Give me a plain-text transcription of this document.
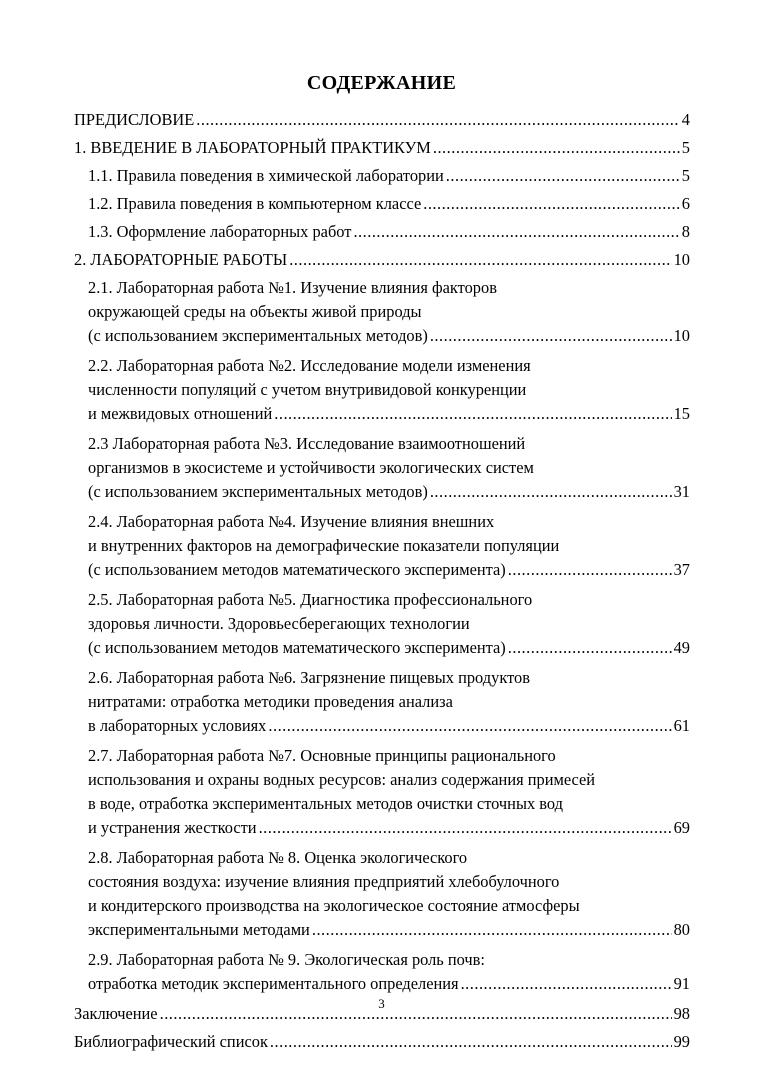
СОДЕРЖАНИЕ
ПРЕДИСЛОВИЕ .....	4
1. ВВЕДЕНИЕ В ЛАБОРАТОРНЫЙ ПРАКТИКУМ .....	5
1.1. Правила поведения в химической лаборатории .....	5
1.2. Правила поведения в компьютерном классе .....	6
1.3. Оформление лабораторных работ .....	8
2. ЛАБОРАТОРНЫЕ РАБОТЫ .....	10
2.1. Лабораторная работа №1. Изучение влияния факторов
окружающей среды на объекты живой природы
(с использованием экспериментальных методов) .....	10
2.2. Лабораторная работа №2. Исследование модели изменения
численности популяций с учетом внутривидовой конкуренции
и межвидовых отношений .....	15
2.3 Лабораторная работа №3. Исследование взаимоотношений
организмов в экосистеме и устойчивости экологических систем
(с использованием экспериментальных методов) .....	31
2.4. Лабораторная работа №4. Изучение влияния внешних
и внутренних факторов на демографические показатели популяции
(с использованием методов математического эксперимента) .....	37
2.5. Лабораторная работа №5. Диагностика профессионального
здоровья личности. Здоровьесберегающих технологии
(с использованием методов математического эксперимента) .....	49
2.6. Лабораторная работа №6. Загрязнение пищевых продуктов
нитратами: отработка методики проведения анализа
в лабораторных условиях .....	61
2.7. Лабораторная работа №7. Основные принципы рационального
использования и охраны водных ресурсов: анализ содержания примесей
в воде, отработка экспериментальных методов очистки сточных вод
и устранения жесткости .....	69
2.8. Лабораторная работа № 8. Оценка экологического
состояния воздуха: изучение влияния предприятий хлебобулочного
и кондитерского производства на экологическое состояние атмосферы
экспериментальными методами .....	80
2.9. Лабораторная работа № 9. Экологическая роль почв:
отработка методик экспериментального определения .....	91
Заключение .....	98
Библиографический список .....	99
3
